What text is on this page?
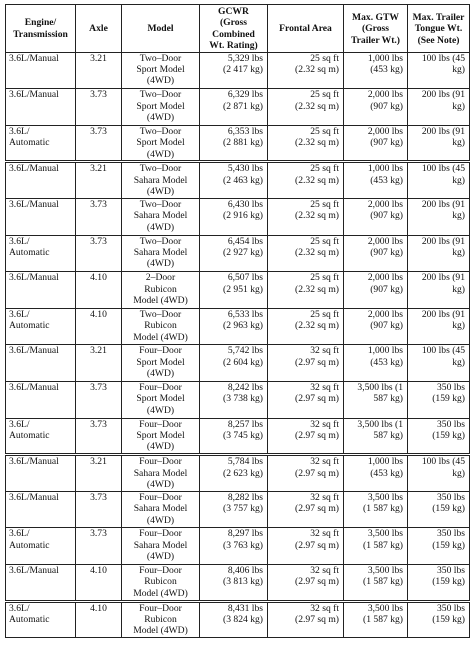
Engine/
Transmission	Axle	Model	GCWR
(Gross
Combined
Wt. Rating)	Frontal Area	Max. GTW
(Gross
Trailer Wt.)	Max. Trailer
Tongue Wt.
(See Note)

3.6L/Manual	3.21	Two–Door
Sport Model
(4WD)	5,329 lbs
(2 417 kg)	25 sq ft
(2.32 sq m)	1,000 lbs
(453 kg)	100 lbs (45 kg)

3.6L/Manual	3.73	Two–Door
Sport Model
(4WD)	6,329 lbs
(2 871 kg)	25 sq ft
(2.32 sq m)	2,000 lbs
(907 kg)	200 lbs (91 kg)

3.6L/
Automatic	3.73	Two–Door
Sport Model
(4WD)	6,353 lbs
(2 881 kg)	25 sq ft
(2.32 sq m)	2,000 lbs
(907 kg)	200 lbs (91 kg)

3.6L/Manual	3.21	Two–Door
Sahara Model
(4WD)	5,430 lbs
(2 463 kg)	25 sq ft
(2.32 sq m)	1,000 lbs
(453 kg)	100 lbs (45 kg)

3.6L/Manual	3.73	Two–Door
Sahara Model
(4WD)	6,430 lbs
(2 916 kg)	25 sq ft
(2.32 sq m)	2,000 lbs
(907 kg)	200 lbs (91 kg)

3.6L/
Automatic	3.73	Two–Door
Sahara Model
(4WD)	6,454 lbs
(2 927 kg)	25 sq ft
(2.32 sq m)	2,000 lbs
(907 kg)	200 lbs (91 kg)

3.6L/Manual	4.10	2–Door
Rubicon
Model (4WD)	6,507 lbs
(2 951 kg)	25 sq ft
(2.32 sq m)	2,000 lbs
(907 kg)	200 lbs (91 kg)

3.6L/
Automatic	4.10	Two–Door
Rubicon
Model (4WD)	6,533 lbs
(2 963 kg)	25 sq ft
(2.32 sq m)	2,000 lbs
(907 kg)	200 lbs (91 kg)

3.6L/Manual	3.21	Four–Door
Sport Model
(4WD)	5,742 lbs
(2 604 kg)	32 sq ft
(2.97 sq m)	1,000 lbs
(453 kg)	100 lbs (45 kg)

3.6L/Manual	3.73	Four–Door
Sport Model
(4WD)	8,242 lbs
(3 738 kg)	32 sq ft
(2.97 sq m)	3,500 lbs (1
587 kg)	350 lbs
(159 kg)

3.6L/
Automatic	3.73	Four–Door
Sport Model
(4WD)	8,257 lbs
(3 745 kg)	32 sq ft
(2.97 sq m)	3,500 lbs (1
587 kg)	350 lbs
(159 kg)

3.6L/Manual	3.21	Four–Door
Sahara Model
(4WD)	5,784 lbs
(2 623 kg)	32 sq ft
(2.97 sq m)	1,000 lbs
(453 kg)	100 lbs (45 kg)

3.6L/Manual	3.73	Four–Door
Sahara Model
(4WD)	8,282 lbs
(3 757 kg)	32 sq ft
(2.97 sq m)	3,500 lbs
(1 587 kg)	350 lbs
(159 kg)

3.6L/
Automatic	3.73	Four–Door
Sahara Model
(4WD)	8,297 lbs
(3 763 kg)	32 sq ft
(2.97 sq m)	3,500 lbs
(1 587 kg)	350 lbs
(159 kg)

3.6L/Manual	4.10	Four–Door
Rubicon
Model (4WD)	8,406 lbs
(3 813 kg)	32 sq ft
(2.97 sq m)	3,500 lbs
(1 587 kg)	350 lbs
(159 kg)

3.6L/
Automatic	4.10	Four–Door
Rubicon
Model (4WD)	8,431 lbs
(3 824 kg)	32 sq ft
(2.97 sq m)	3,500 lbs
(1 587 kg)	350 lbs
(159 kg)
